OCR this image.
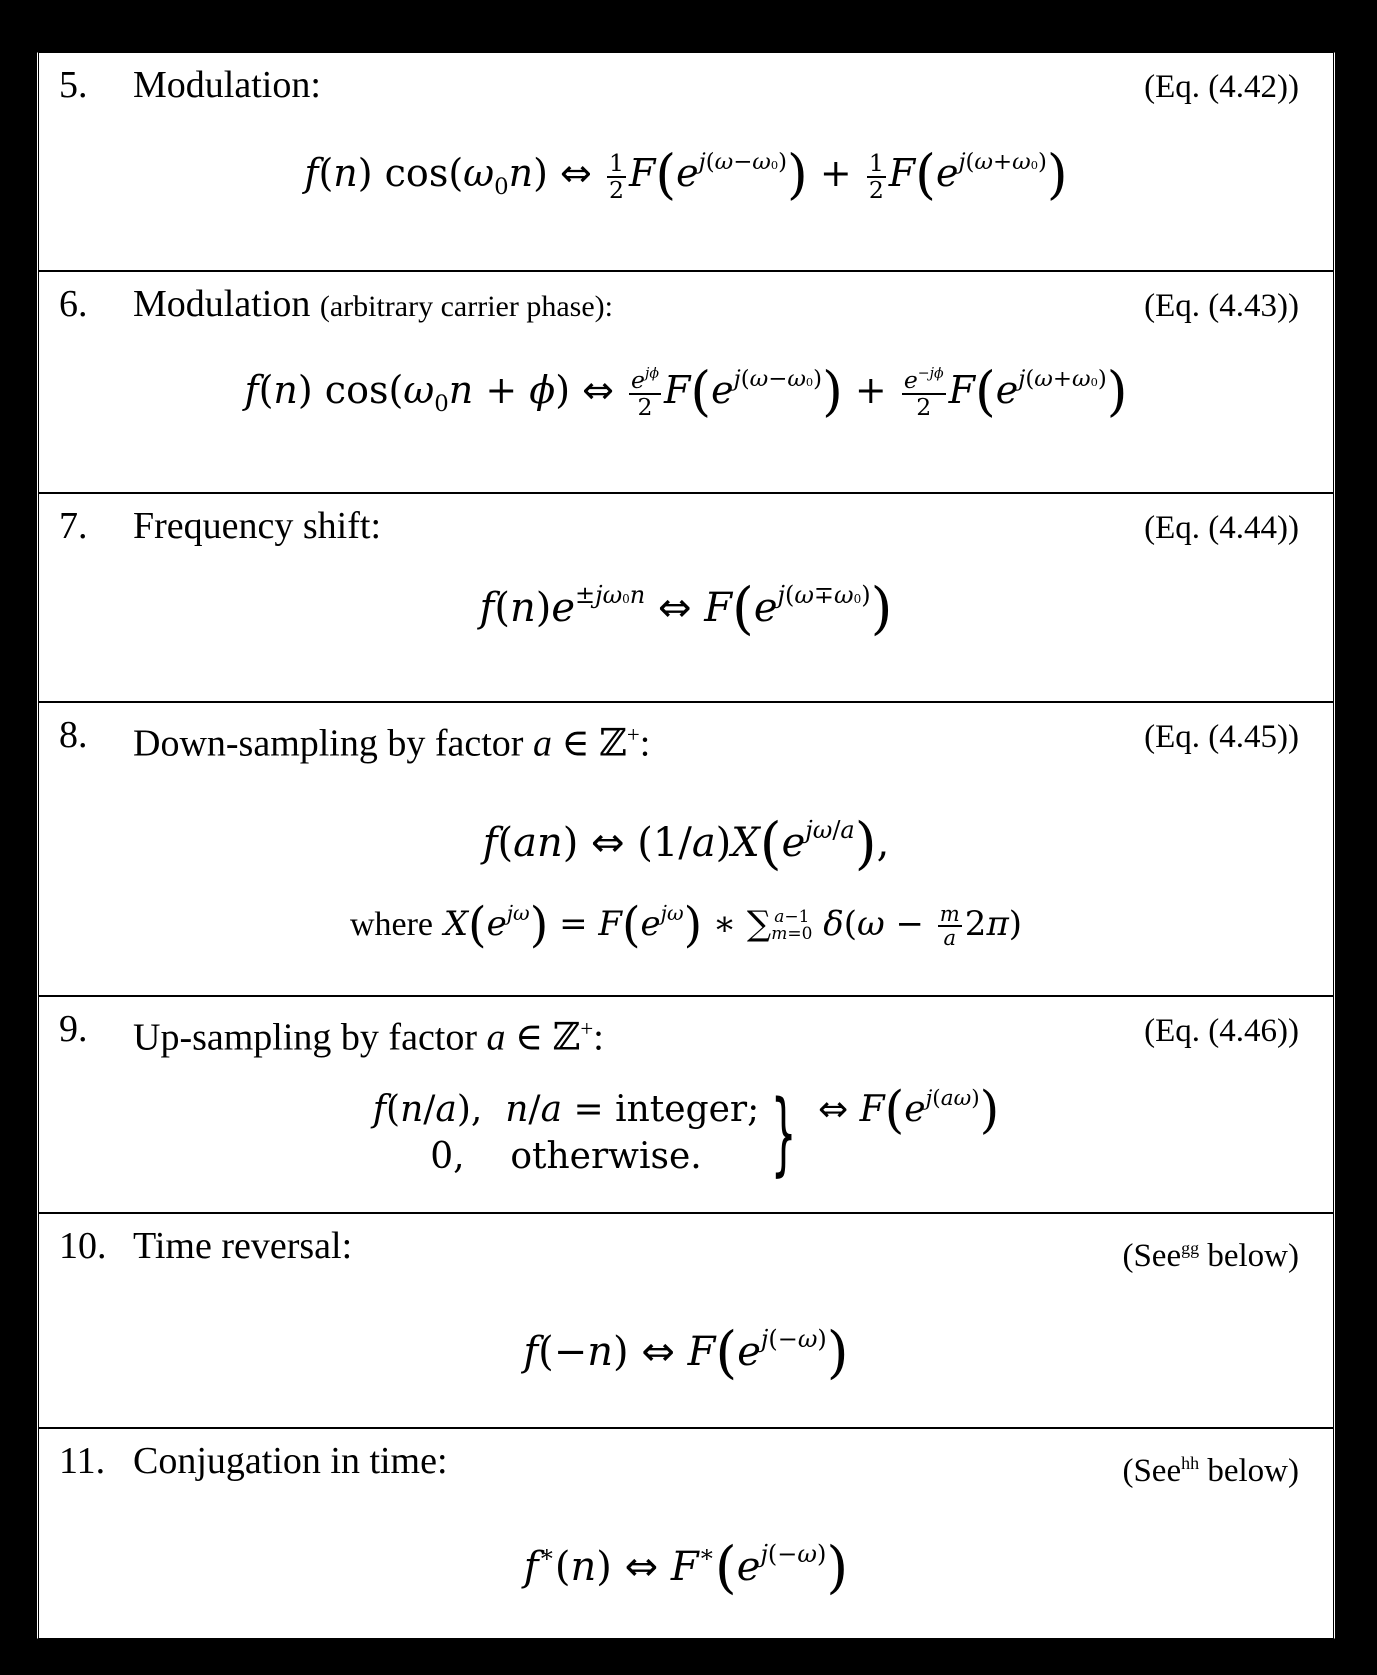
5. Modulation:	(Eq. (4.42))
f(n) $\cos(\omega_0n)$ ⇔ $\frac{1}{2} F(e^{j(\omega-\omega 0)}) + \frac{1}{2} F(e^{j(\omega+\omega 0)})$
6. Modulation (arbitrary carrier phase):	(Eq. (4.43))
f(n) $\cos(\omega_0n + \phi)$ ⇔ $\frac{e^{j\phi}}{2} F(e^{j(\omega-\omega 0)}) + \frac{e^{-j\phi}}{2} F(e^{j(\omega+\omega 0)})$
7. Frequency shift:	(Eq. (4.44))
$f(n)e^{\pm j\omega 0n}$ ⇔ $F(e^{j(\omega\mp\omega 0)})$
8. Down-sampling by factor a ∈ ℤ+:	(Eq. (4.45))
f(an) ⇔ $(1/a)X(e^{j\omega/a})$,
where $X(e^{j\omega}) = F(e^{j\omega})$ ∗ ∑ a−1
m=0 $\delta(\omega - \frac{m}{a} 2\pi)$
9. Up-sampling by factor a ∈ ℤ+:	(Eq. (4.46))
f(n/a),  n/a = integer;
0,    otherwise. } ⇔ $F(e^{j(a\omega)})$
10. Time reversal:	(See$^{gg}$ below)
f(−n) ⇔ $F(e^{j(-\omega)})$
11. Conjugation in time:	(See$^{hh}$ below)
f∗(n) ⇔ $F^∗(e^{j(-\omega)})$
